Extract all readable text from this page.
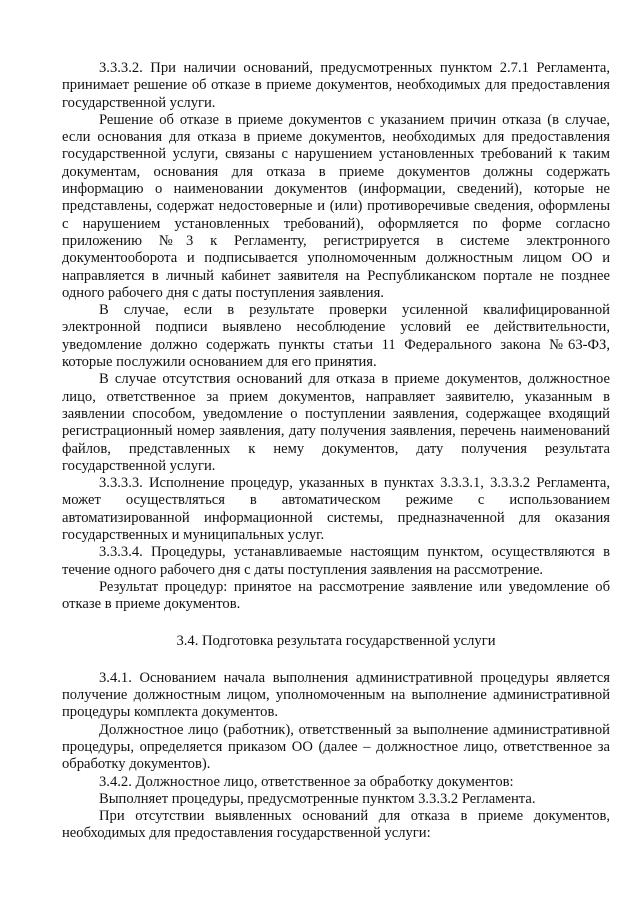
3.3.3.2. При наличии оснований, предусмотренных пунктом 2.7.1 Регламента, принимает решение об отказе в приеме документов, необходимых для предоставления государственной услуги.

Решение об отказе в приеме документов с указанием причин отказа (в случае, если основания для отказа в приеме документов, необходимых для предоставления государственной услуги, связаны с нарушением установленных требований к таким документам, основания для отказа в приеме документов должны содержать информацию о наименовании документов (информации, сведений), которые не представлены, содержат недостоверные и (или) противоречивые сведения, оформлены с нарушением установленных требований), оформляется по форме согласно приложению №3 к Регламенту, регистрируется в системе электронного документооборота и подписывается уполномоченным должностным лицом ОО и направляется в личный кабинет заявителя на Республиканском портале не позднее одного рабочего дня с даты поступления заявления.

В случае, если в результате проверки усиленной квалифицированной электронной подписи выявлено несоблюдение условий ее действительности, уведомление должно содержать пункты статьи 11 Федерального закона №63-ФЗ, которые послужили основанием для его принятия.

В случае отсутствия оснований для отказа в приеме документов, должностное лицо, ответственное за прием документов, направляет заявителю, указанным в заявлении способом, уведомление о поступлении заявления, содержащее входящий регистрационный номер заявления, дату получения заявления, перечень наименований файлов, представленных к нему документов, дату получения результата государственной услуги.

3.3.3.3. Исполнение процедур, указанных в пунктах 3.3.3.1, 3.3.3.2 Регламента, может осуществляться в автоматическом режиме с использованием автоматизированной информационной системы, предназначенной для оказания государственных и муниципальных услуг.

3.3.3.4. Процедуры, устанавливаемые настоящим пунктом, осуществляются в течение одного рабочего дня с даты поступления заявления на рассмотрение.

Результат процедур: принятое на рассмотрение заявление или уведомление об отказе в приеме документов.

3.4. Подготовка результата государственной услуги

3.4.1. Основанием начала выполнения административной процедуры является получение должностным лицом, уполномоченным на выполнение административной процедуры комплекта документов.

Должностное лицо (работник), ответственный за выполнение административной процедуры, определяется приказом ОО (далее – должностное лицо, ответственное за обработку документов).

3.4.2. Должностное лицо, ответственное за обработку документов:

Выполняет процедуры, предусмотренные пунктом 3.3.3.2 Регламента.

При отсутствии выявленных оснований для отказа в приеме документов, необходимых для предоставления государственной услуги:
